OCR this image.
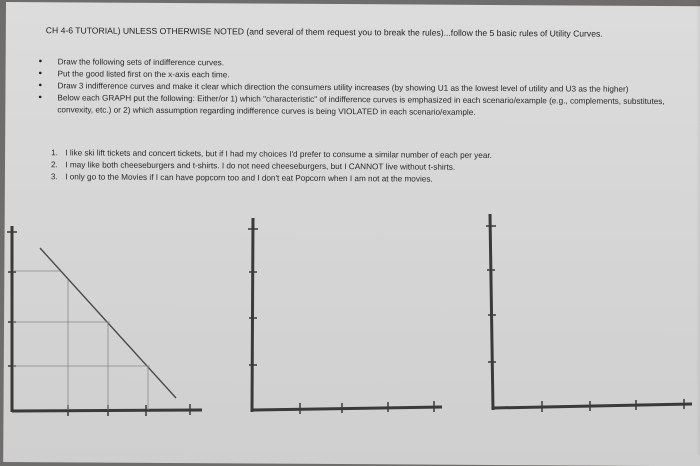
CH 4-6 TUTORIAL) UNLESS OTHERWISE NOTED (and several of them request you to break the rules)...follow the 5 basic rules of Utility Curves.
• Draw the following sets of indifference curves.
• Put the good listed first on the x-axis each time.
• Draw 3 indifference curves and make it clear which direction the consumers utility increases (by showing U1 as the lowest level of utility and U3 as the higher)
• Below each GRAPH put the following: Either/or 1) which "characteristic" of indifference curves is emphasized in each scenario/example (e.g., complements, substitutes, convexity, etc.) or 2) which assumption regarding indifference curves is being VIOLATED in each scenario/example.
1. I like ski lift tickets and concert tickets, but if I had my choices I'd prefer to consume a similar number of each per year.
2. I may like both cheeseburgers and t-shirts. I do not need cheeseburgers, but I CANNOT live without t-shirts.
3. I only go to the Movies if I can have popcorn too and I don't eat Popcorn when I am not at the movies.
